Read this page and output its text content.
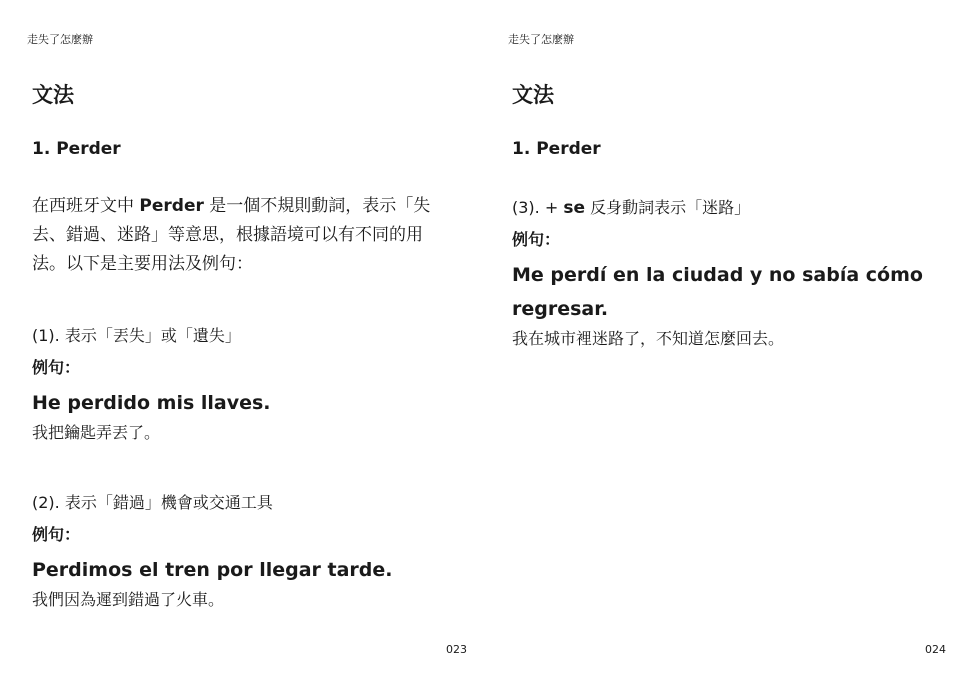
走失了怎麼辦
文法
1. Perder

在西班牙文中 Perder 是一個不規則動詞，表示「失去、錯過、迷路」等意思，根據語境可以有不同的用法。以下是主要用法及例句：

(1). 表示「丟失」或「遺失」
例句：
He perdido mis llaves.
我把鑰匙弄丟了。
(2). 表示「錯過」機會或交通工具
例句：
Perdimos el tren por llegar tarde.
我們因為遲到錯過了火車。
023
走失了怎麼辦
文法
1. Perder
(3). + se 反身動詞表示「迷路」
例句：
Me perdí en la ciudad y no sabía cómo regresar.
我在城市裡迷路了，不知道怎麼回去。
024
